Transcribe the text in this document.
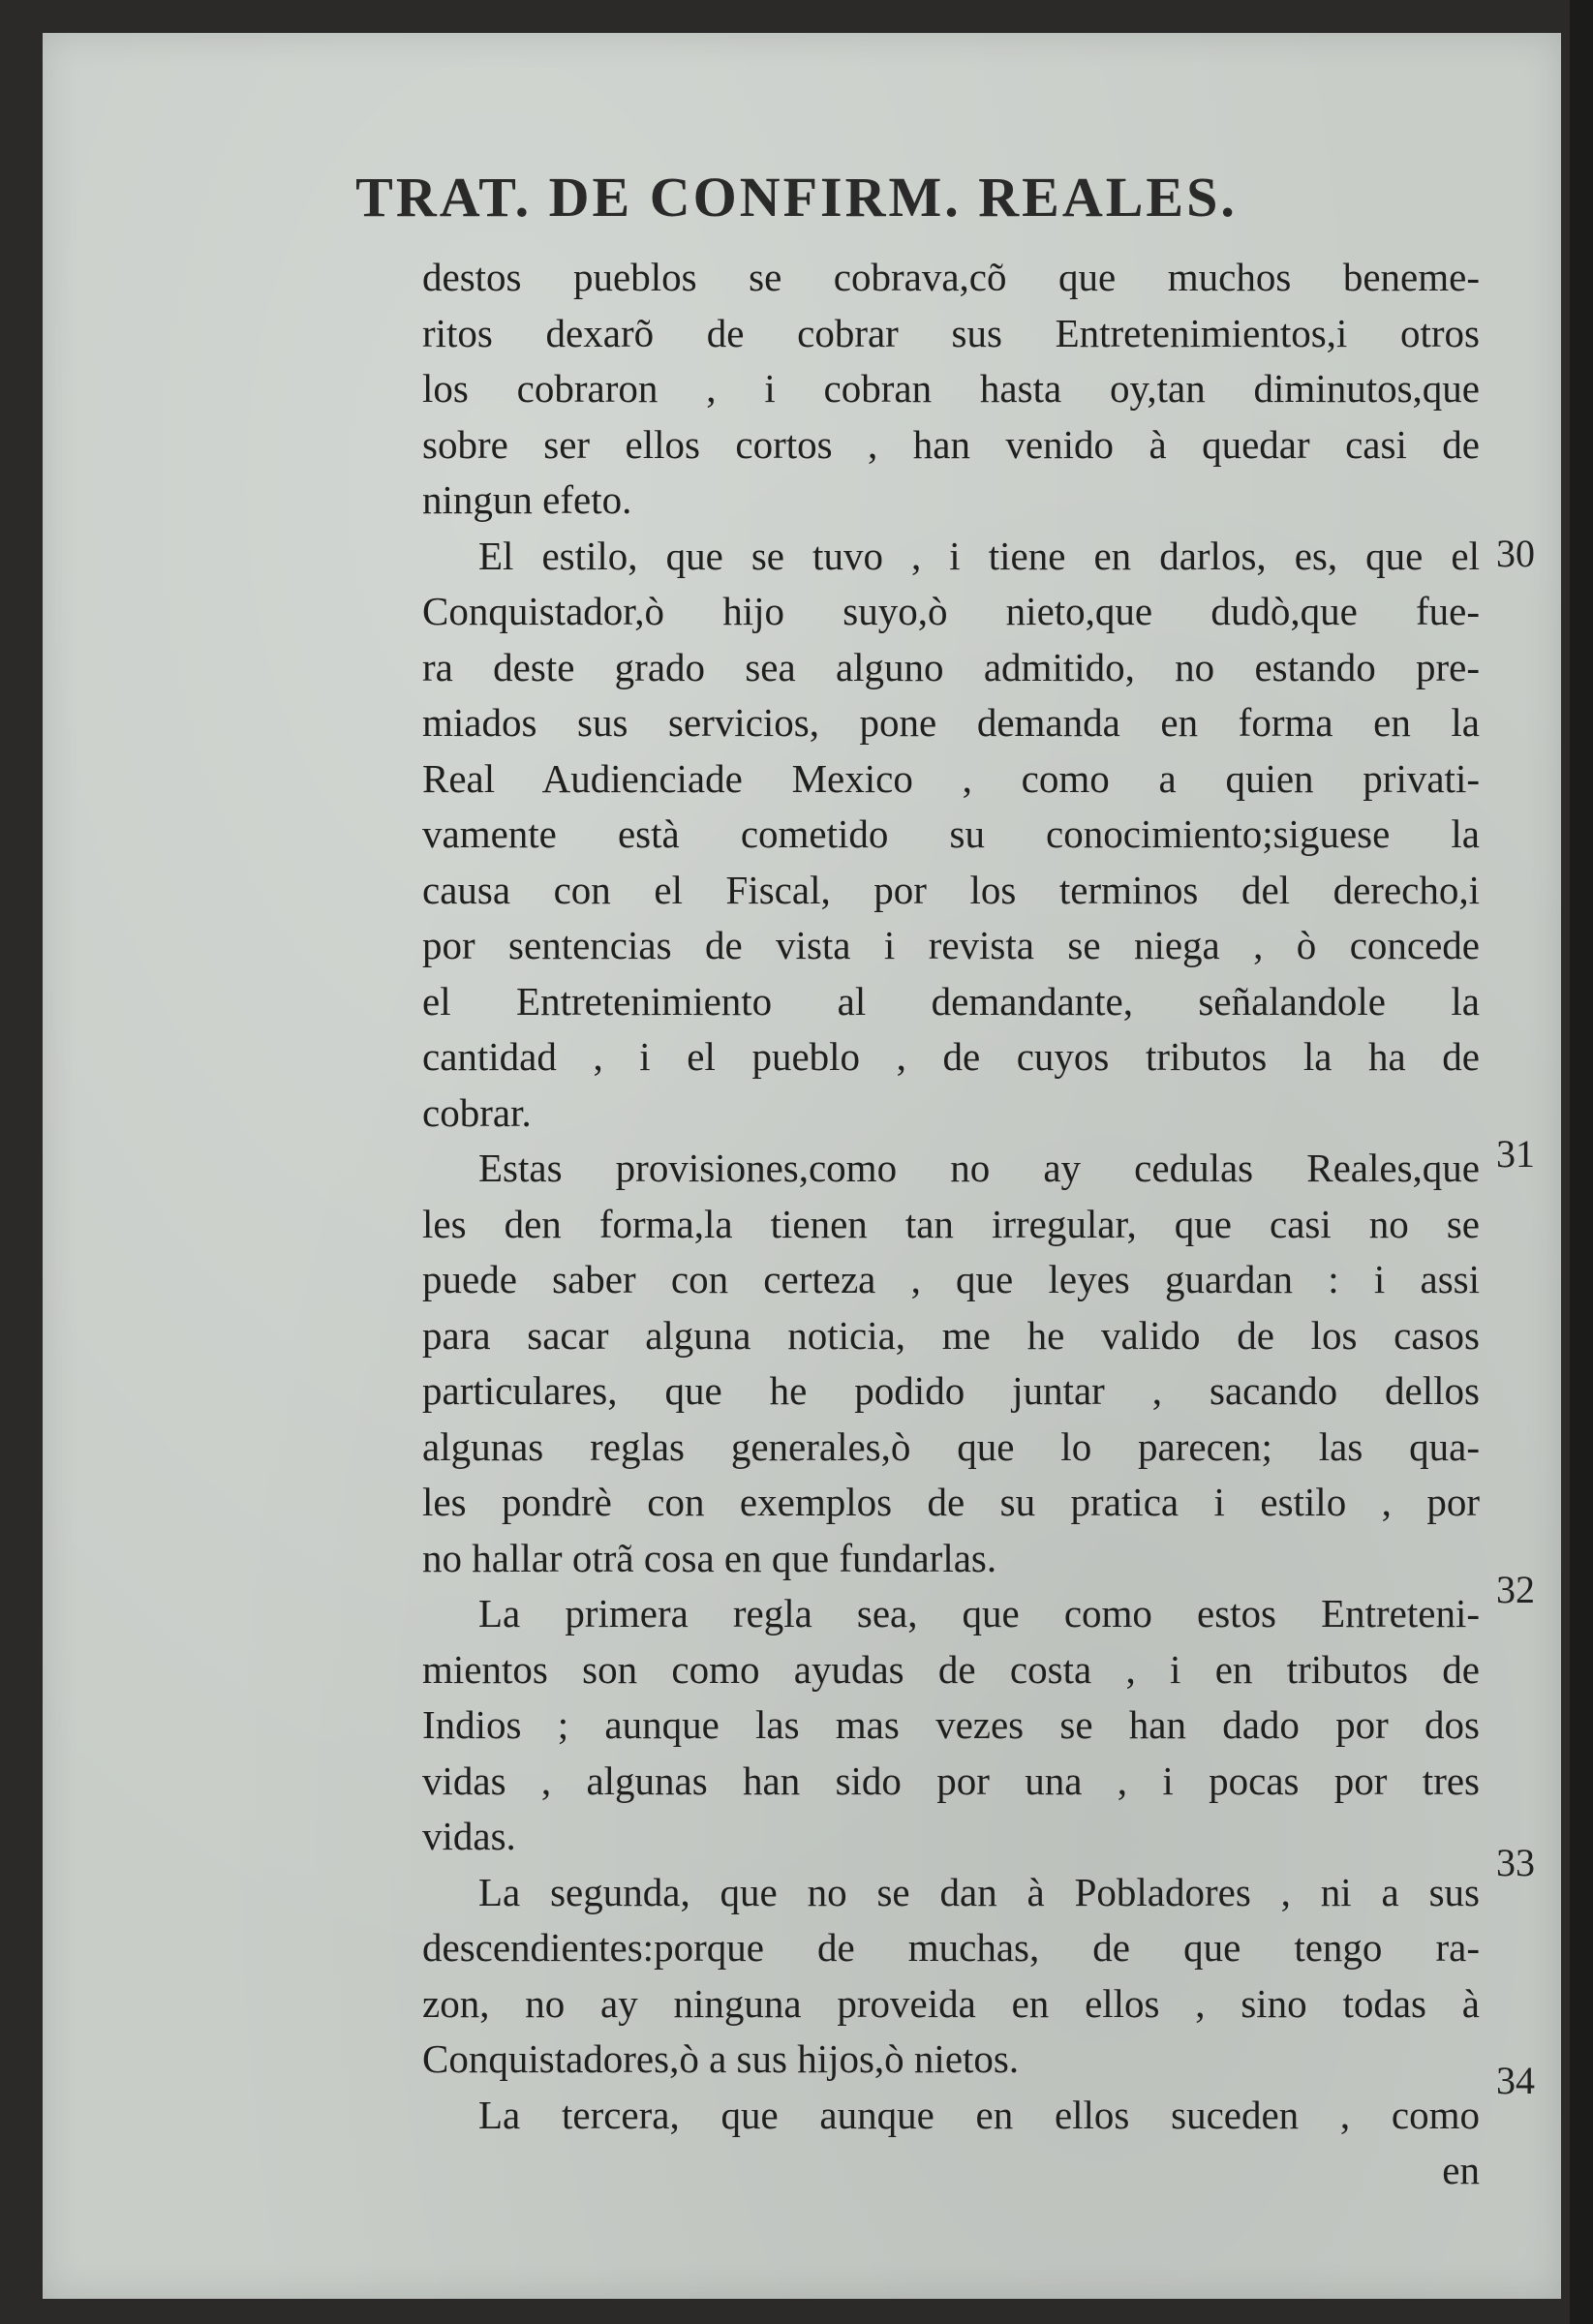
TRAT. DE CONFIRM. REALES.
destos pueblos se cobrava,cõ que muchos beneme-
ritos dexarõ de cobrar sus Entretenimientos,i otros
los cobraron , i cobran hasta oy,tan diminutos,que
sobre ser ellos cortos , han venido à quedar casi de
ningun efeto.
El estilo, que se tuvo , i tiene en darlos, es, que el
Conquistador,ò hijo suyo,ò nieto,que dudò,que fue-
ra deste grado sea alguno admitido, no estando pre-
miados sus servicios, pone demanda en forma en la
Real Audienciade Mexico , como a quien privati-
vamente està cometido su conocimiento;siguese la
causa con el Fiscal, por los terminos del derecho,i
por sentencias de vista i revista se niega , ò concede
el Entretenimiento al demandante, señalandole la
cantidad , i el pueblo , de cuyos tributos la ha de
cobrar.
Estas provisiones,como no ay cedulas Reales,que
les den forma,la tienen tan irregular, que casi no se
puede saber con certeza , que leyes guardan : i assi
para sacar alguna noticia, me he valido de los casos
particulares, que he podido juntar , sacando dellos
algunas reglas generales,ò que lo parecen; las qua-
les pondrè con exemplos de su pratica i estilo , por
no hallar otrã cosa en que fundarlas.
La primera regla sea, que como estos Entreteni-
mientos son como ayudas de costa , i en tributos de
Indios ; aunque las mas vezes se han dado por dos
vidas , algunas han sido por una , i pocas por tres
vidas.
La segunda, que no se dan à Pobladores , ni a sus
descendientes:porque de muchas, de que tengo ra-
zon, no ay ninguna proveida en ellos , sino todas à
Conquistadores,ò a sus hijos,ò nietos.
La tercera, que aunque en ellos suceden , como
en
30
31
32
33
34
